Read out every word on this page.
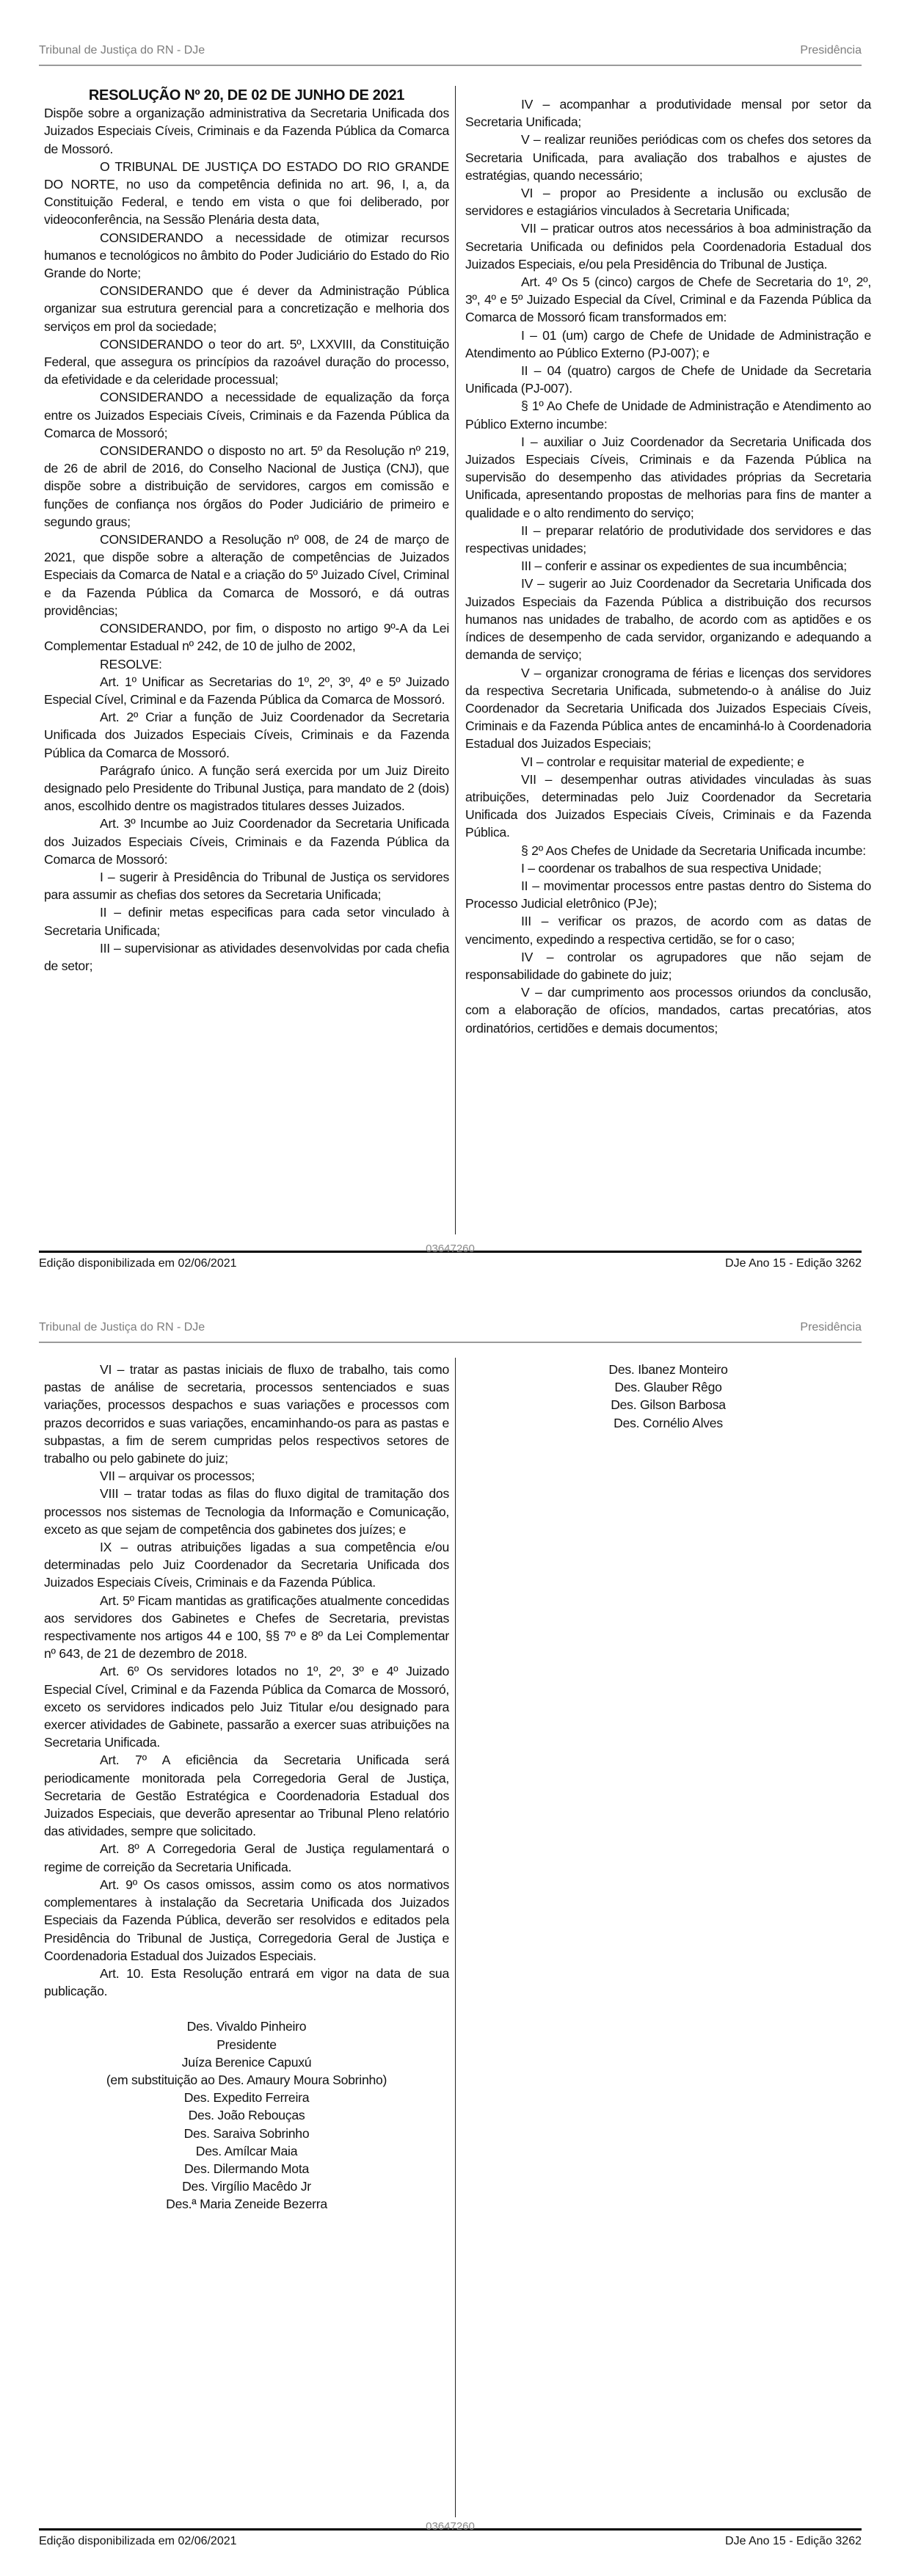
Tribunal de Justiça do RN - DJe	Presidência

RESOLUÇÃO Nº 20, DE 02 DE JUNHO DE 2021

Dispõe sobre a organização administrativa da Secretaria Unificada dos Juizados Especiais Cíveis, Criminais e da Fazenda Pública da Comarca de Mossoró.

O TRIBUNAL DE JUSTIÇA DO ESTADO DO RIO GRANDE DO NORTE, no uso da competência definida no art. 96, I, a, da Constituição Federal, e tendo em vista o que foi deliberado, por videoconferência, na Sessão Plenária desta data,

CONSIDERANDO a necessidade de otimizar recursos humanos e tecnológicos no âmbito do Poder Judiciário do Estado do Rio Grande do Norte;

CONSIDERANDO que é dever da Administração Pública organizar sua estrutura gerencial para a concretização e melhoria dos serviços em prol da sociedade;

CONSIDERANDO o teor do art. 5º, LXXVIII, da Constituição Federal, que assegura os princípios da razoável duração do processo, da efetividade e da celeridade processual;

CONSIDERANDO a necessidade de equalização da força entre os Juizados Especiais Cíveis, Criminais e da Fazenda Pública da Comarca de Mossoró;

CONSIDERANDO o disposto no art. 5º da Resolução nº 219, de 26 de abril de 2016, do Conselho Nacional de Justiça (CNJ), que dispõe sobre a distribuição de servidores, cargos em comissão e funções de confiança nos órgãos do Poder Judiciário de primeiro e segundo graus;

CONSIDERANDO a Resolução nº 008, de 24 de março de 2021, que dispõe sobre a alteração de competências de Juizados Especiais da Comarca de Natal e a criação do 5º Juizado Cível, Criminal e da Fazenda Pública da Comarca de Mossoró, e dá outras providências;

CONSIDERANDO, por fim, o disposto no artigo 9º-A da Lei Complementar Estadual nº 242, de 10 de julho de 2002,

RESOLVE:

Art. 1º Unificar as Secretarias do 1º, 2º, 3º, 4º e 5º Juizado Especial Cível, Criminal e da Fazenda Pública da Comarca de Mossoró.

Art. 2º Criar a função de Juiz Coordenador da Secretaria Unificada dos Juizados Especiais Cíveis, Criminais e da Fazenda Pública da Comarca de Mossoró.

Parágrafo único. A função será exercida por um Juiz Direito designado pelo Presidente do Tribunal Justiça, para mandato de 2 (dois) anos, escolhido dentre os magistrados titulares desses Juizados.

Art. 3º Incumbe ao Juiz Coordenador da Secretaria Unificada dos Juizados Especiais Cíveis, Criminais e da Fazenda Pública da Comarca de Mossoró:

I – sugerir à Presidência do Tribunal de Justiça os servidores para assumir as chefias dos setores da Secretaria Unificada;

II – definir metas especificas para cada setor vinculado à Secretaria Unificada;

III – supervisionar as atividades desenvolvidas por cada chefia de setor;

IV – acompanhar a produtividade mensal por setor da Secretaria Unificada;

V – realizar reuniões periódicas com os chefes dos setores da Secretaria Unificada, para avaliação dos trabalhos e ajustes de estratégias, quando necessário;

VI – propor ao Presidente a inclusão ou exclusão de servidores e estagiários vinculados à Secretaria Unificada;

VII – praticar outros atos necessários à boa administração da Secretaria Unificada ou definidos pela Coordenadoria Estadual dos Juizados Especiais, e/ou pela Presidência do Tribunal de Justiça.

Art. 4º Os 5 (cinco) cargos de Chefe de Secretaria do 1º, 2º, 3º, 4º e 5º Juizado Especial da Cível, Criminal e da Fazenda Pública da Comarca de Mossoró ficam transformados em:

I – 01 (um) cargo de Chefe de Unidade de Administração e Atendimento ao Público Externo (PJ-007); e

II – 04 (quatro) cargos de Chefe de Unidade da Secretaria Unificada (PJ-007).

§ 1º Ao Chefe de Unidade de Administração e Atendimento ao Público Externo incumbe:

I – auxiliar o Juiz Coordenador da Secretaria Unificada dos Juizados Especiais Cíveis, Criminais e da Fazenda Pública na supervisão do desempenho das atividades próprias da Secretaria Unificada, apresentando propostas de melhorias para fins de manter a qualidade e o alto rendimento do serviço;

II – preparar relatório de produtividade dos servidores e das respectivas unidades;

III – conferir e assinar os expedientes de sua incumbência;

IV – sugerir ao Juiz Coordenador da Secretaria Unificada dos Juizados Especiais da Fazenda Pública a distribuição dos recursos humanos nas unidades de trabalho, de acordo com as aptidões e os índices de desempenho de cada servidor, organizando e adequando a demanda de serviço;

V – organizar cronograma de férias e licenças dos servidores da respectiva Secretaria Unificada, submetendo-o à análise do Juiz Coordenador da Secretaria Unificada dos Juizados Especiais Cíveis, Criminais e da Fazenda Pública antes de encaminhá-lo à Coordenadoria Estadual dos Juizados Especiais;

VI – controlar e requisitar material de expediente; e

VII – desempenhar outras atividades vinculadas às suas atribuições, determinadas pelo Juiz Coordenador da Secretaria Unificada dos Juizados Especiais Cíveis, Criminais e da Fazenda Pública.

§ 2º Aos Chefes de Unidade da Secretaria Unificada incumbe:

I – coordenar os trabalhos de sua respectiva Unidade;

II – movimentar processos entre pastas dentro do Sistema do Processo Judicial eletrônico (PJe);

III – verificar os prazos, de acordo com as datas de vencimento, expedindo a respectiva certidão, se for o caso;

IV – controlar os agrupadores que não sejam de responsabilidade do gabinete do juiz;

V – dar cumprimento aos processos oriundos da conclusão, com a elaboração de ofícios, mandados, cartas precatórias, atos ordinatórios, certidões e demais documentos;

Edição disponibilizada em 02/06/2021
03647260
DJe Ano 15 - Edição 3262
Tribunal de Justiça do RN - DJe	Presidência

VI – tratar as pastas iniciais de fluxo de trabalho, tais como pastas de análise de secretaria, processos sentenciados e suas variações, processos despachos e suas variações e processos com prazos decorridos e suas variações, encaminhando-os para as pastas e subpastas, a fim de serem cumpridas pelos respectivos setores de trabalho ou pelo gabinete do juiz;

VII – arquivar os processos;

VIII – tratar todas as filas do fluxo digital de tramitação dos processos nos sistemas de Tecnologia da Informação e Comunicação, exceto as que sejam de competência dos gabinetes dos juízes; e

IX – outras atribuições ligadas a sua competência e/ou determinadas pelo Juiz Coordenador da Secretaria Unificada dos Juizados Especiais Cíveis, Criminais e da Fazenda Pública.

Art. 5º Ficam mantidas as gratificações atualmente concedidas aos servidores dos Gabinetes e Chefes de Secretaria, previstas respectivamente nos artigos 44 e 100, §§ 7º e 8º da Lei Complementar nº 643, de 21 de dezembro de 2018.

Art. 6º Os servidores lotados no 1º, 2º, 3º e 4º Juizado Especial Cível, Criminal e da Fazenda Pública da Comarca de Mossoró, exceto os servidores indicados pelo Juiz Titular e/ou designado para exercer atividades de Gabinete, passarão a exercer suas atribuições na Secretaria Unificada.

Art. 7º A eficiência da Secretaria Unificada será periodicamente monitorada pela Corregedoria Geral de Justiça, Secretaria de Gestão Estratégica e Coordenadoria Estadual dos Juizados Especiais, que deverão apresentar ao Tribunal Pleno relatório das atividades, sempre que solicitado.

Art. 8º A Corregedoria Geral de Justiça regulamentará o regime de correição da Secretaria Unificada.

Art. 9º Os casos omissos, assim como os atos normativos complementares à instalação da Secretaria Unificada dos Juizados Especiais da Fazenda Pública, deverão ser resolvidos e editados pela Presidência do Tribunal de Justiça, Corregedoria Geral de Justiça e Coordenadoria Estadual dos Juizados Especiais.

Art. 10. Esta Resolução entrará em vigor na data de sua publicação.

Des. Vivaldo Pinheiro
Presidente

Juíza Berenice Capuxú
(em substituição ao Des. Amaury Moura Sobrinho)

Des. Expedito Ferreira

Des. João Rebouças

Des. Saraiva Sobrinho

Des. Amílcar Maia

Des. Dilermando Mota

Des. Virgílio Macêdo Jr

Des.ª Maria Zeneide Bezerra

Des. Ibanez Monteiro

Des. Glauber Rêgo

Des. Gilson Barbosa

Des. Cornélio Alves

Edição disponibilizada em 02/06/2021
03647260
DJe Ano 15 - Edição 3262
